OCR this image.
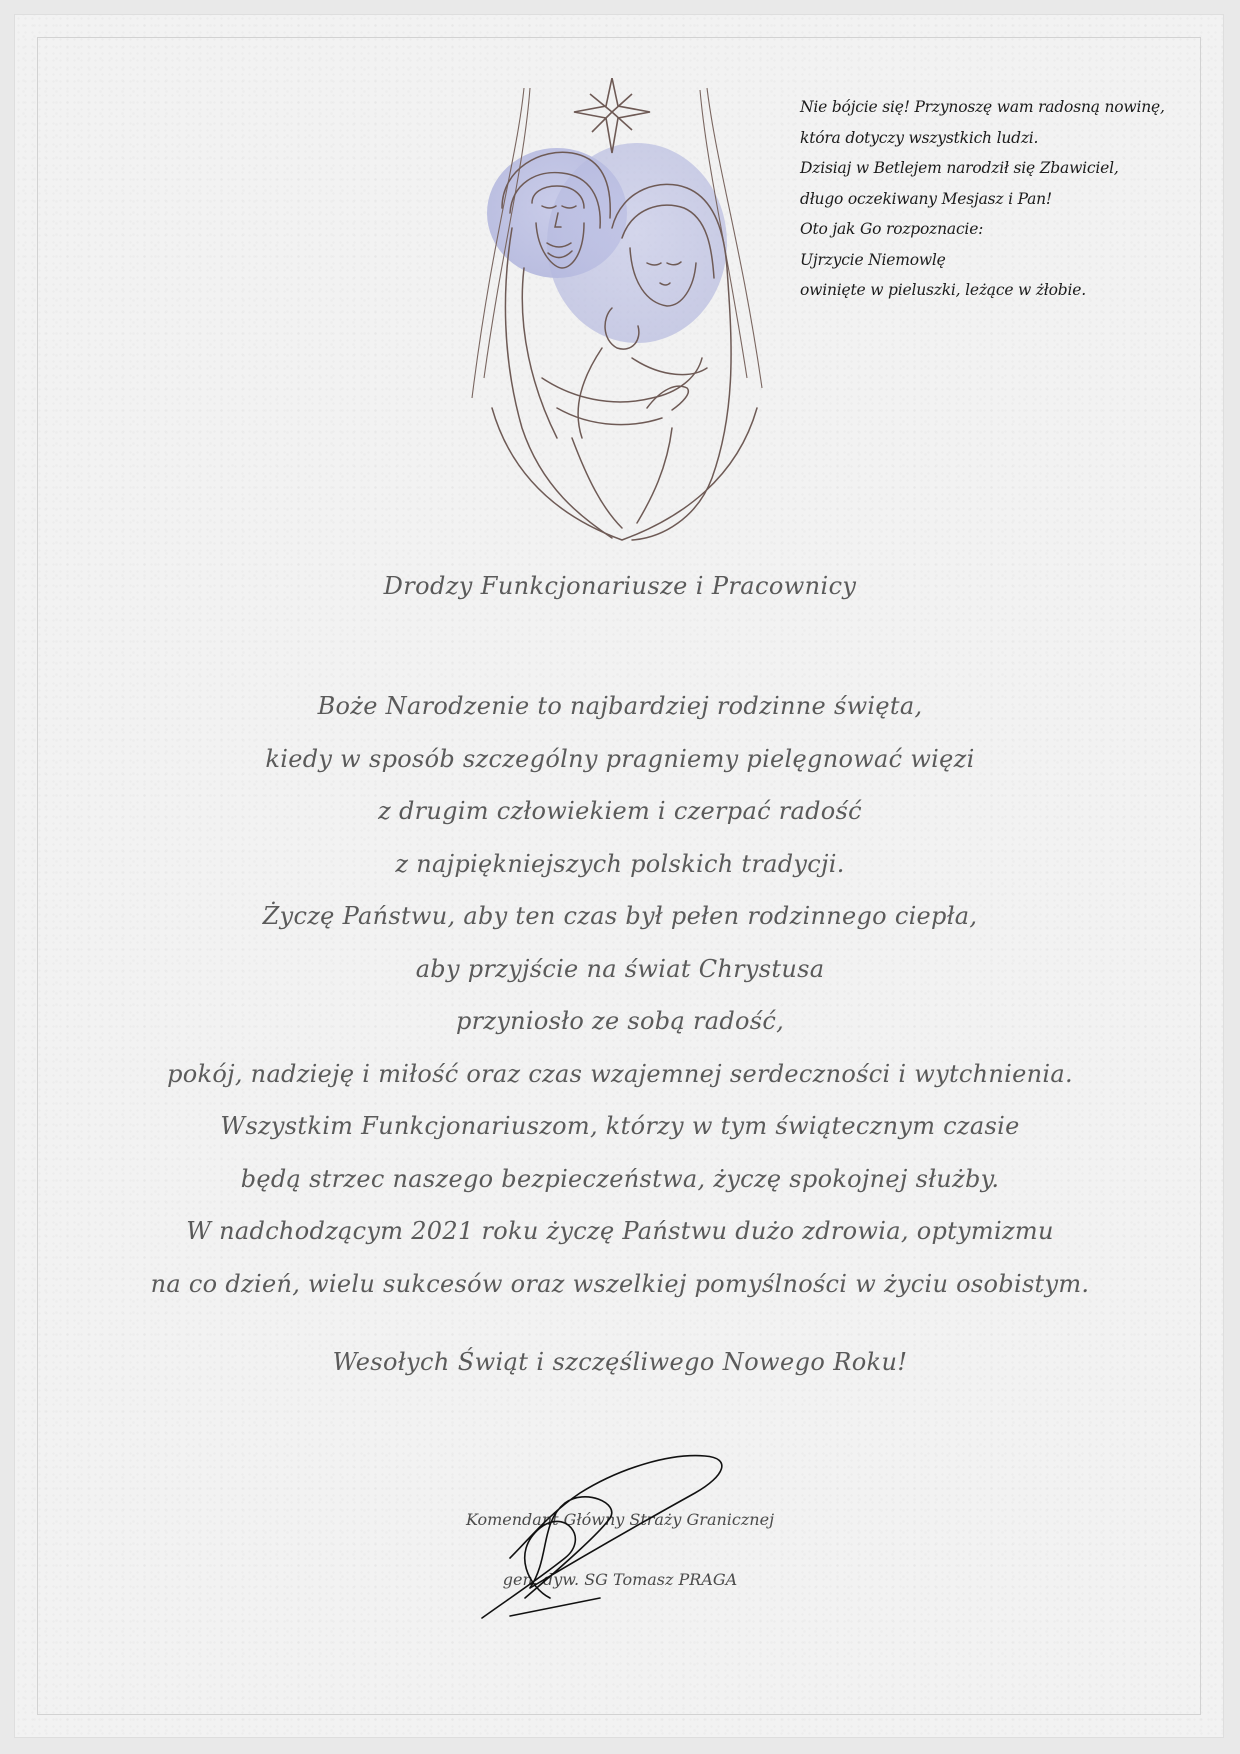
Nie bójcie się! Przynoszę wam radosną nowinę,
która dotyczy wszystkich ludzi.
Dzisiaj w Betlejem narodził się Zbawiciel,
długo oczekiwany Mesjasz i Pan!
Oto jak Go rozpoznacie:
Ujrzycie Niemowlę
owinięte w pieluszki, leżące w żłobie.
Drodzy Funkcjonariusze i Pracownicy
Boże Narodzenie to najbardziej rodzinne święta,
kiedy w sposób szczególny pragniemy pielęgnować więzi
z drugim człowiekiem i czerpać radość
z najpiękniejszych polskich tradycji.
Życzę Państwu, aby ten czas był pełen rodzinnego ciepła,
aby przyjście na świat Chrystusa
przyniosło ze sobą radość,
pokój, nadzieję i miłość oraz czas wzajemnej serdeczności i wytchnienia.
Wszystkim Funkcjonariuszom, którzy w tym świątecznym czasie
będą strzec naszego bezpieczeństwa, życzę spokojnej służby.
W nadchodzącym 2021 roku życzę Państwu dużo zdrowia, optymizmu
na co dzień, wielu sukcesów oraz wszelkiej pomyślności w życiu osobistym.
Wesołych Świąt i szczęśliwego Nowego Roku!
Komendant Główny Straży Granicznej
gen. dyw. SG Tomasz PRAGA
